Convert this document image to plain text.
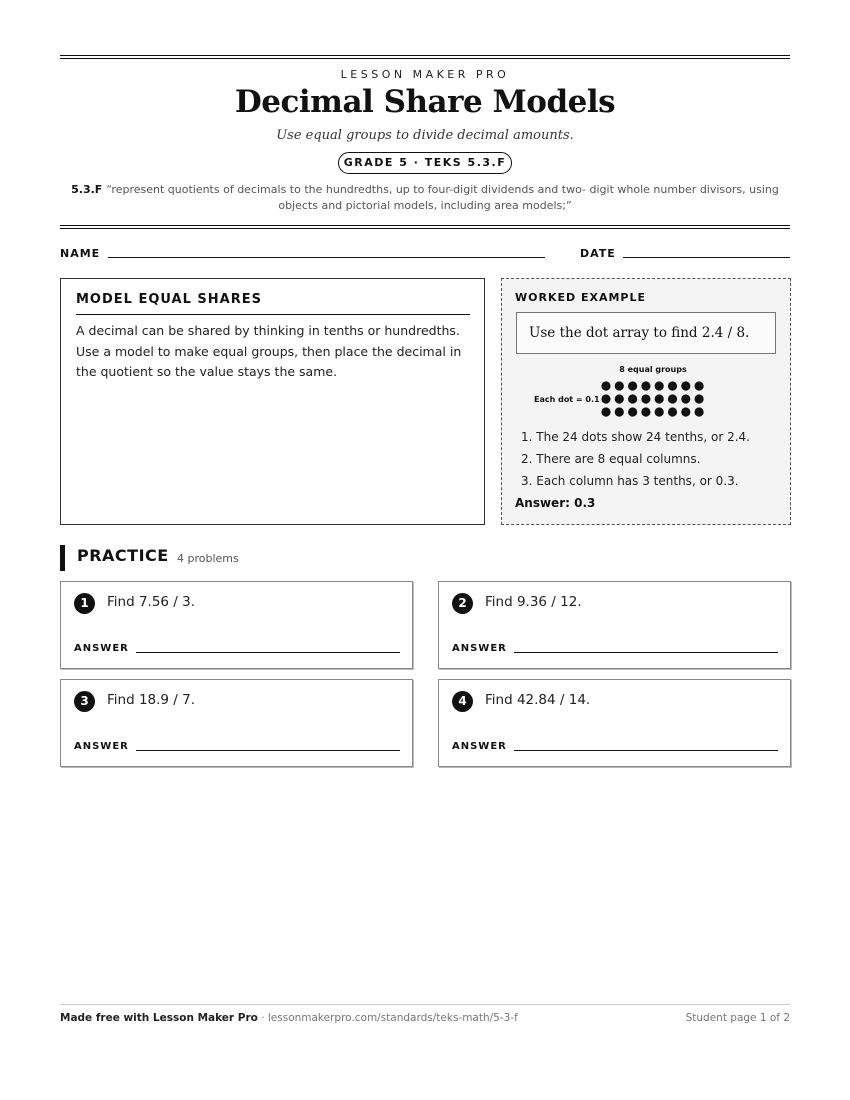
LESSON MAKER PRO
Decimal Share Models
Use equal groups to divide decimal amounts.
GRADE 5 · TEKS 5.3.F
5.3.F “represent quotients of decimals to the hundredths, up to four-digit dividends and two- digit whole number divisors, using objects and pictorial models, including area models;”
NAME	DATE
MODEL EQUAL SHARES

A decimal can be shared by thinking in tenths or hundredths. Use a model to make equal groups, then place the decimal in the quotient so the value stays the same.

WORKED EXAMPLE
Use the dot array to find 2.4 / 8.
8 equal groups
Each dot = 0.1
1. The 24 dots show 24 tenths, or 2.4.
2. There are 8 equal columns.
3. Each column has 3 tenths, or 0.3.
Answer: 0.3
PRACTICE 4 problems
1	Find 7.56 / 3.
ANSWER
2	Find 9.36 / 12.
ANSWER
3	Find 18.9 / 7.
ANSWER
4	Find 42.84 / 14.
ANSWER
Made free with Lesson Maker Pro · lessonmakerpro.com/standards/teks-math/5-3-f	Student page 1 of 2
